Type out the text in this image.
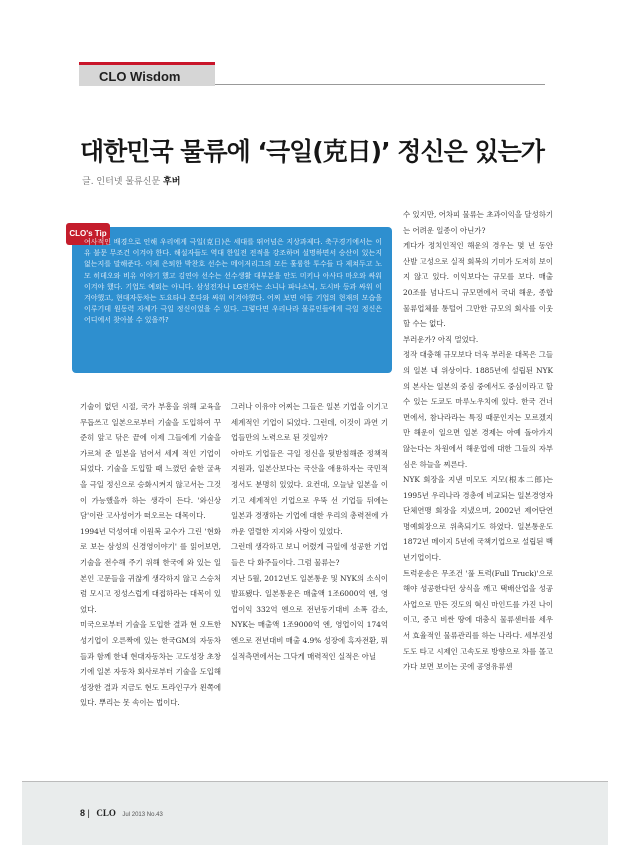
CLO Wisdom
대한민국 물류에 ‘극일(克日)’ 정신은 있는가
글. 인터넷 물류신문 후버
CLO's Tip

여사적인 배경으로 인해 우리에게 극일(克日)은 세대를 뛰어넘은 지상과제다. 축구경기에서는 이유 불문 무조건 이겨야 한다. 해설자들도 역대 한일전 전적을 강조하며 설명하면서 승산이 있는지 없는지를 말해준다. 이제 은퇴한 박찬호 선수는 메이저리그의 모든 훌륭한 투수들 다 제쳐두고 노모 히데오와 비유 이야기 했고 김연아 선수는 선수생활 대부분을 안도 미키나 아사다 마오와 싸워 이겨야 했다. 기업도 예외는 아니다. 삼성전자나 LG전자는 소니나 파나소닉, 도시바 등과 싸워 이겨야했고, 현대자동차는 도요타나 혼다와 싸워 이겨야했다. 어찌 보면 이들 기업의 현재의 모습을 이루기데 원동력 자체가 극일 정신이었을 수 있다. 그렇다면 우리나라 물류인들에게 극일 정신은 어디에서 찾아볼 수 있을까?

기술이 없던 시절, 국가 부흥을 위해 교육을 무듭쓰고 일본으로부터 기술을 도입하여 꾸준히 앞고 닦은 끝에 이제 그들에게 기술을 가르쳐 준 일본을 넘어서 세계 적인 기업이 되었다. 기술을 도입할 때 느꼈던 숱한 굴욕을 극일 정신으로 승화시켜지 않고서는 그것이 가능했을까 하는 생각이 든다. '와신상담'이란 고사성어가 떠오르는 대목이다.

1994년 덕성여대 이원복 교수가 그린 '현화로 보는 삼성의 신경영이야기' 를 읽어보면, 기술을 전수해 주기 위해 한국에 와 있는 일본인 고문들을 귀찮게 생각하지 않고 스승처럼 모시고 정성스럽게 대접하라는 대목이 있었다.

미국으로부터 기술을 도입한 결과 현 오트한성기업이 오른짝에 있는 한국GM의 자동차들과 함께 한내 현대자동차는 고도성장 초창기에 일본 자동차 회사로부터 기술을 도입해 성장한 결과 지금도 현도 트라인구가 왼쪽에 있다. 뿌리는 못 속이는 법이다.

그러나 이유야 어찌는 그들은 일본 기업을 이기고 세계적인 기업이 되었다. 그런데, 이것이 과연 기업들만의 노력으로 된 것일까?

아마도 기업들은 극일 정신을 뒷받침해준 정책적 지원과, 일본산보다는 국산을 애용하자는 국민적 정서도 분명히 있었다. 요컨대, 오늘날 일본을 이기고 세계적인 기업으로 우뚝 선 기업들 뒤에는 일본과 경쟁하는 기업에 대한 우리의 총력전에 가까운 열렬한 지지와 사랑이 있었다.

그런데 생각하고 보니 어렸게 극일에 성공한 기업들은 다 화주들이다. 그럼 물류는?

지난 5월, 2012년도 일본통운 및 NYK의 소식이 발표됐다. 일본통운은 매출액 1조6000억 엔, 영업이익 332억 엔으로 전년동기대비 소폭 감소, NYK는 매출액 1조9000억 엔, 영업이익 174억 엔으로 전년대비 매출 4.9% 성장에 흑자전환, 뭐 실적측면에서는 그닥게 매력적인 실적은 아닐

수 있지만, 어차피 물류는 초과이익을 달성하기는 어려운 일종이 아닌가?

게다가 정치인적인 해운의 경우는 몇 년 동안 산발 고성으로 실적 회복의 기미가 도저히 보이지 않고 있다. 이익보다는 규모를 보다. 매출 20조를 넘나드니 규모면에서 국내 해운, 종합물류업체를 통털어 그만한 규모의 회사를 이웃할 수는 없다.

부러운가? 아직 멀었다.

정작 대충해 규모보다 더욱 부러운 대목은 그들의 일본 내 위상이다. 1885년에 설립된 NYK의 본사는 일본의 중심 중에서도 중심이라고 할 수 있는 도쿄도 마루노우치에 있다. 한국 건너면에서, 참나라라는 특징 때문인지는 모르겠지만 해운이 일으면 일본 경제는 아예 돌아가지 않는다는 차원에서 해운업에 대한 그들의 자부심은 하늘을 찌른다.

NYK 회장을 지낸 미모도 지모(根本二郎)는 1995년 우리나라 경총에 비교되는 일본경영자단체연맹 회장을 지냈으며, 2002년 제어단연 명예회장으로 위촉되기도 하였다. 일본통운도 1872년 메이지 5년에 국책기업으로 설립된 백년기업이다.

트럭운송은 무조건 '풀 트럭(Full Truck)'으로 해야 성공한다던 상식을 깨고 택배산업을 성공사업으로 만든 것도의 혁신 마인드를 가진 나이이고, 증고 비싼 땅에 대충식 물류센터를 세우서 효율적인 물류관리를 하는 나라다. 세부진성도도 타고 시제인 고속도로 방향으로 차를 몰고 가다 보면 보이는 곳에 공영유류센

8 | CLO Jul 2013 No.43
